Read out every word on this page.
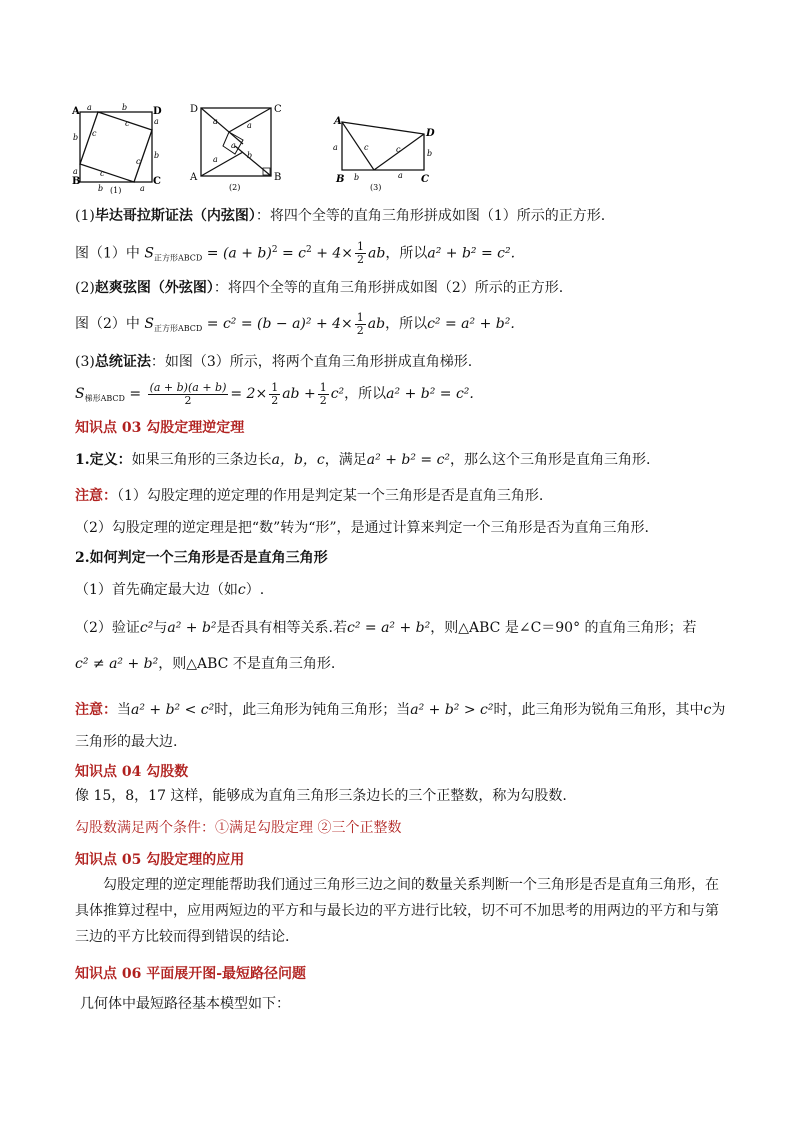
A	D
B	C
a	b
a
b
b
a
b	a
c
c
c
c
(1)
D	C
A	B
a	a
b
a
a
(2)
A
D
B	C
a
b	a
b
c	c
(3)
(1)毕达哥拉斯证法（内弦图）：将四个全等的直角三角形拼成如图（1）所示的正方形.
图（1）中 $S_{正方形ABCD} = (a + b)^2 = c^2 + 4\times \frac{1}{2}$ ab，所以a² + b² = c².
(2)赵爽弦图（外弦图）：将四个全等的直角三角形拼成如图（2）所示的正方形.
图（2）中 $S_{正方形ABCD} = c^2 = (b - a)^2 + 4\times \frac{1}{2}$ ab，所以c² = a² + b².
(3)总统证法：如图（3）所示，将两个直角三角形拼成直角梯形.
$S_{梯形ABCD} = \frac{(a + b)(a + b)}{2} = 2\times \frac{1}{2}$ ab + $\frac{1}{2} c^2$，所以a² + b² = c².
知识点 03 勾股定理逆定理
1.定义：如果三角形的三条边长a，b，c，满足a² + b² = c²，那么这个三角形是直角三角形.
注意：（1）勾股定理的逆定理的作用是判定某一个三角形是否是直角三角形.
（2）勾股定理的逆定理是把“数”转为“形”，是通过计算来判定一个三角形是否为直角三角形.
2.如何判定一个三角形是否是直角三角形
（1）首先确定最大边（如c）.
（2）验证c²与a² + b²是否具有相等关系.若c² = a² + b²，则△ABC 是∠C＝90° 的直角三角形；若
c² ≠ a² + b²，则△ABC 不是直角三角形.
注意：当a² + b² < c²时，此三角形为钝角三角形；当a² + b² > c²时，此三角形为锐角三角形，其中c为
三角形的最大边.
知识点 04 勾股数
像 15，8，17 这样，能够成为直角三角形三条边长的三个正整数，称为勾股数.
勾股数满足两个条件：①满足勾股定理 ②三个正整数
知识点 05 勾股定理的应用
勾股定理的逆定理能帮助我们通过三角形三边之间的数量关系判断一个三角形是否是直角三角形，在具体推算过程中，应用两短边的平方和与最长边的平方进行比较，切不可不加思考的用两边的平方和与第三边的平方比较而得到错误的结论.
知识点 06 平面展开图-最短路径问题
几何体中最短路径基本模型如下：
